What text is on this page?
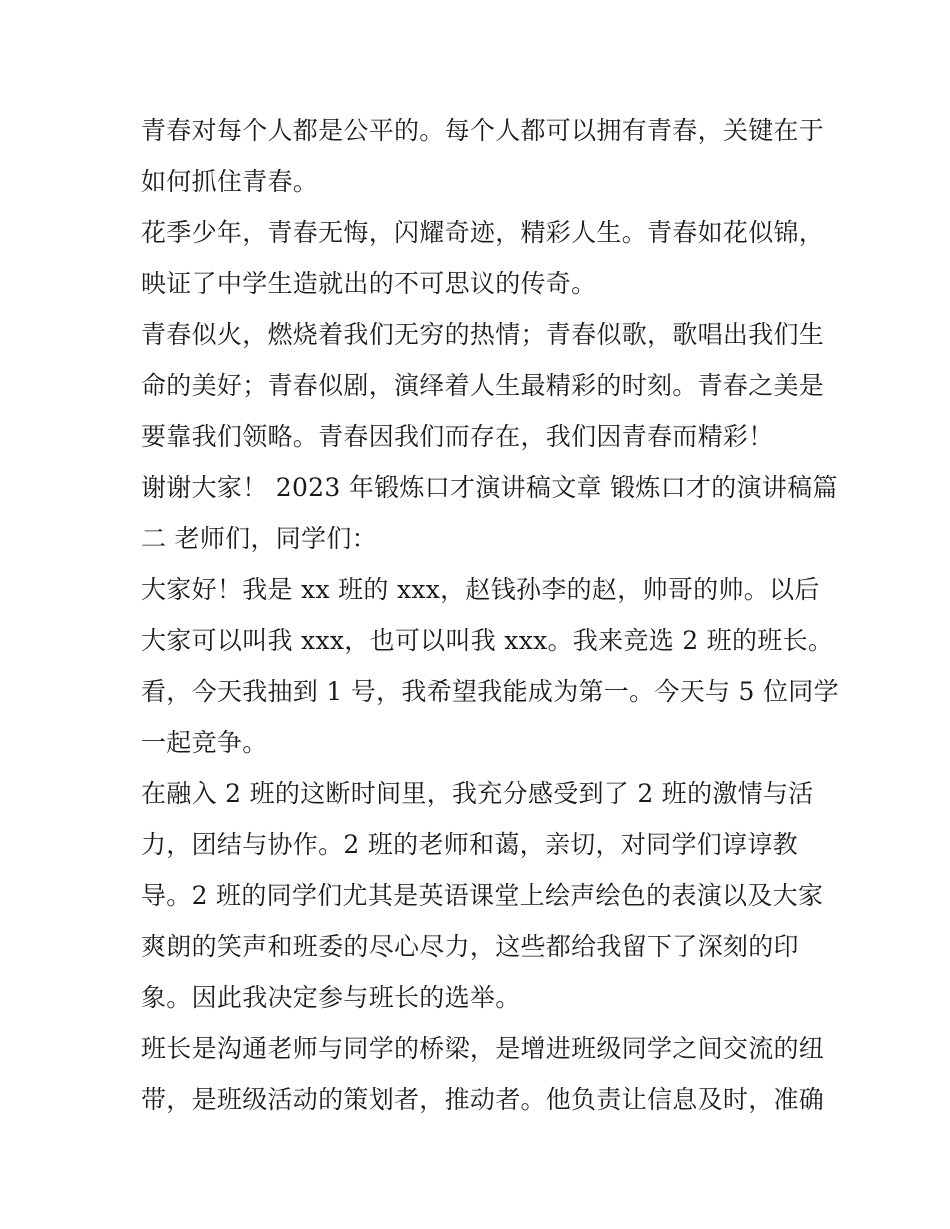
青春对每个人都是公平的。每个人都可以拥有青春，关键在于
如何抓住青春。
花季少年，青春无悔，闪耀奇迹，精彩人生。青春如花似锦，
映证了中学生造就出的不可思议的传奇。
青春似火，燃烧着我们无穷的热情；青春似歌，歌唱出我们生
命的美好；青春似剧，演绎着人生最精彩的时刻。青春之美是
要靠我们领略。青春因我们而存在，我们因青春而精彩！
谢谢大家！ 2023 年锻炼口才演讲稿文章 锻炼口才的演讲稿篇
二 老师们，同学们：
大家好！我是 xx 班的 xxx，赵钱孙李的赵，帅哥的帅。以后
大家可以叫我 xxx，也可以叫我 xxx。我来竞选 2 班的班长。
看，今天我抽到 1 号，我希望我能成为第一。今天与 5 位同学
一起竞争。
在融入 2 班的这断时间里，我充分感受到了 2 班的激情与活
力，团结与协作。2 班的老师和蔼，亲切，对同学们谆谆教
导。2 班的同学们尤其是英语课堂上绘声绘色的表演以及大家
爽朗的笑声和班委的尽心尽力，这些都给我留下了深刻的印
象。因此我决定参与班长的选举。
班长是沟通老师与同学的桥梁，是增进班级同学之间交流的纽
带，是班级活动的策划者，推动者。他负责让信息及时，准确
